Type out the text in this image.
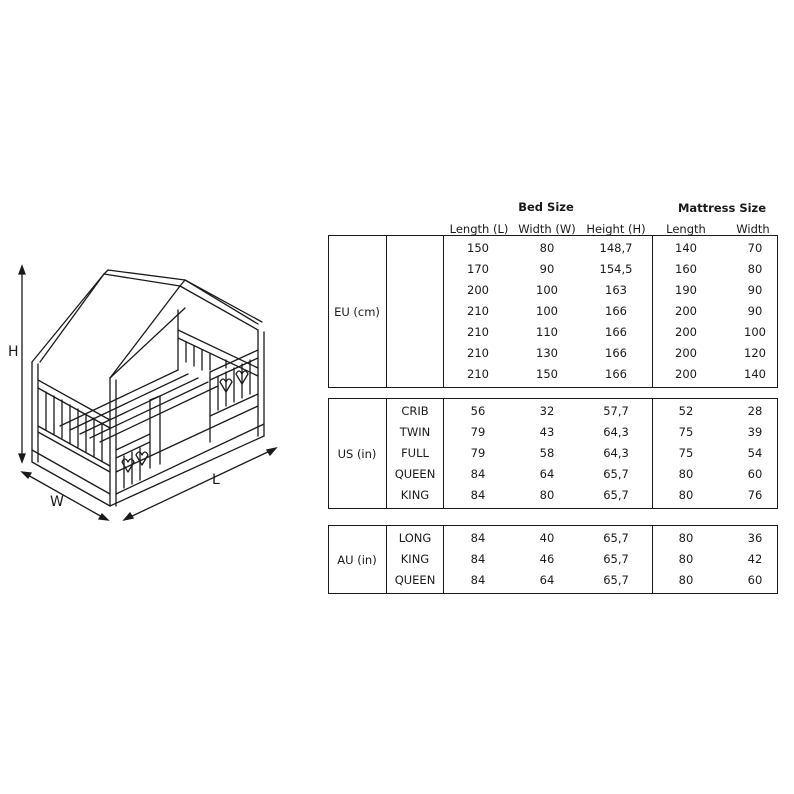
H
W
L
Bed Size	Mattress Size
Length (L) Width (W) Height (H)	Length	Width
EU (cm)
150	80	148,7	140	70
170	90	154,5	160	80
200	100	163	190	90
210	100	166	200	90
210	110	166	200	100
210	130	166	200	120
210	150	166	200	140
US (in)
CRIB	56	32	57,7	52	28
TWIN	79	43	64,3	75	39
FULL	79	58	64,3	75	54
QUEEN	84	64	65,7	80	60
KING	84	80	65,7	80	76
AU (in)
LONG	84	40	65,7	80	36
KING	84	46	65,7	80	42
QUEEN	84	64	65,7	80	60
